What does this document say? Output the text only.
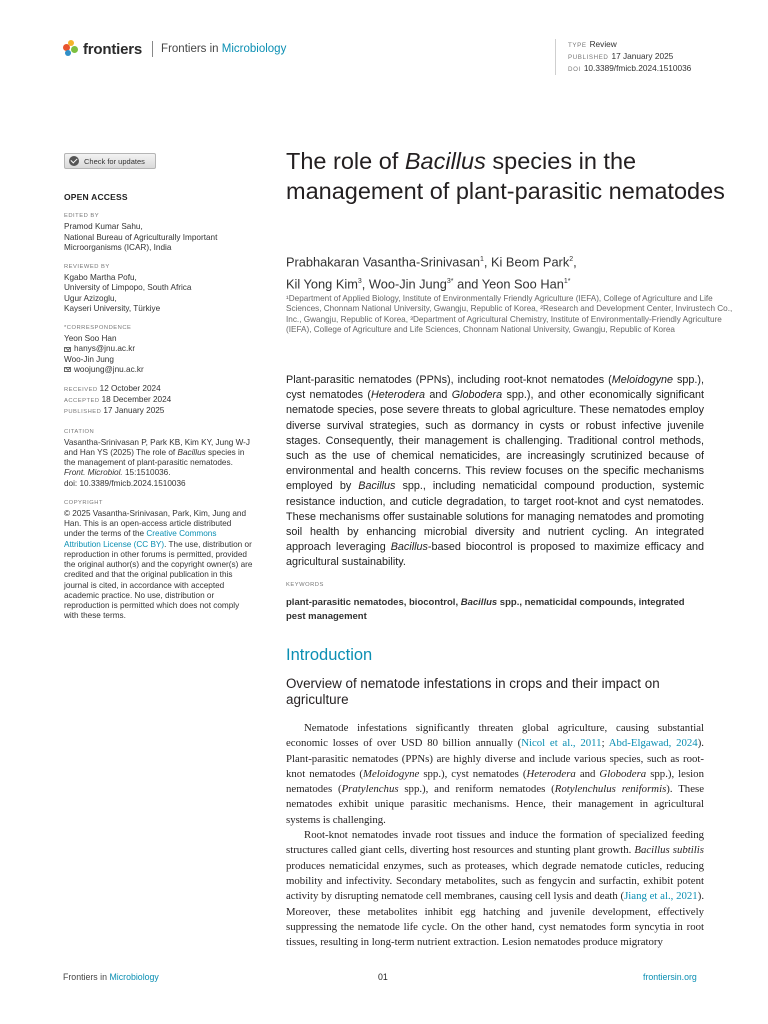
frontiers Frontiers in Microbiology	TYPE Review
PUBLISHED 17 January 2025
DOI 10.3389/fmicb.2024.1510036
Check for updates
OPEN ACCESS
EDITED BY
Pramod Kumar Sahu,
National Bureau of Agriculturally Important Microorganisms (ICAR), India
REVIEWED BY
Kgabo Martha Pofu,
University of Limpopo, South Africa
Ugur Azizoglu,
Kayseri University, Türkiye
*CORRESPONDENCE
Yeon Soo Han
hanys@jnu.ac.kr
Woo-Jin Jung
woojung@jnu.ac.kr
RECEIVED 12 October 2024
ACCEPTED 18 December 2024
PUBLISHED 17 January 2025
CITATION
Vasantha-Srinivasan P, Park KB, Kim KY, Jung W-J and Han YS (2025) The role of Bacillus species in the management of plant-parasitic nematodes.
Front. Microbiol. 15:1510036.
doi: 10.3389/fmicb.2024.1510036
COPYRIGHT
© 2025 Vasantha-Srinivasan, Park, Kim, Jung and Han. This is an open-access article distributed under the terms of the Creative Commons Attribution License (CC BY). The use, distribution or reproduction in other forums is permitted, provided the original author(s) and the copyright owner(s) are credited and that the original publication in this journal is cited, in accordance with accepted academic practice. No use, distribution or reproduction is permitted which does not comply with these terms.
The role of Bacillus species in the management of plant-parasitic nematodes
Prabhakaran Vasantha-Srinivasan$^1$, Ki Beom Park$^2$,
Kil Yong Kim$^3$, Woo-Jin Jung$^{3*}$ and Yeon Soo Han$^{1*}$
¹Department of Applied Biology, Institute of Environmentally Friendly Agriculture (IEFA), College of Agriculture and Life Sciences, Chonnam National University, Gwangju, Republic of Korea, ²Research and Development Center, Invirustech Co., Inc., Gwangju, Republic of Korea, ³Department of Agricultural Chemistry, Institute of Environmentally-Friendly Agriculture (IEFA), College of Agriculture and Life Sciences, Chonnam National University, Gwangju, Republic of Korea
Plant-parasitic nematodes (PPNs), including root-knot nematodes (Meloidogyne spp.), cyst nematodes (Heterodera and Globodera spp.), and other economically significant nematode species, pose severe threats to global agriculture. These nematodes employ diverse survival strategies, such as dormancy in cysts or robust infective juvenile stages. Consequently, their management is challenging. Traditional control methods, such as the use of chemical nematicides, are increasingly scrutinized because of environmental and health concerns. This review focuses on the specific mechanisms employed by Bacillus spp., including nematicidal compound production, systemic resistance induction, and cuticle degradation, to target root-knot and cyst nematodes. These mechanisms offer sustainable solutions for managing nematodes and promoting soil health by enhancing microbial diversity and nutrient cycling. An integrated approach leveraging Bacillus-based biocontrol is proposed to maximize efficacy and agricultural sustainability.
KEYWORDS
plant-parasitic nematodes, biocontrol, Bacillus spp., nematicidal compounds, integrated pest management
Introduction
Overview of nematode infestations in crops and their impact on agriculture

Nematode infestations significantly threaten global agriculture, causing substantial economic losses of over USD 80 billion annually (Nicol et al., 2011; Abd-Elgawad, 2024). Plant-parasitic nematodes (PPNs) are highly diverse and include various species, such as root-knot nematodes (Meloidogyne spp.), cyst nematodes (Heterodera and Globodera spp.), lesion nematodes (Pratylenchus spp.), and reniform nematodes (Rotylenchulus reniformis). These nematodes exhibit unique parasitic mechanisms. Hence, their management in agricultural systems is challenging.

Root-knot nematodes invade root tissues and induce the formation of specialized feeding structures called giant cells, diverting host resources and stunting plant growth. Bacillus subtilis produces nematicidal enzymes, such as proteases, which degrade nematode cuticles, reducing mobility and infectivity. Secondary metabolites, such as fengycin and surfactin, exhibit potent activity by disrupting nematode cell membranes, causing cell lysis and death (Jiang et al., 2021). Moreover, these metabolites inhibit egg hatching and juvenile development, effectively suppressing the nematode life cycle. On the other hand, cyst nematodes form syncytia in root tissues, resulting in long-term nutrient extraction. Lesion nematodes produce migratory

Frontiers in Microbiology	01	frontiersin.org
